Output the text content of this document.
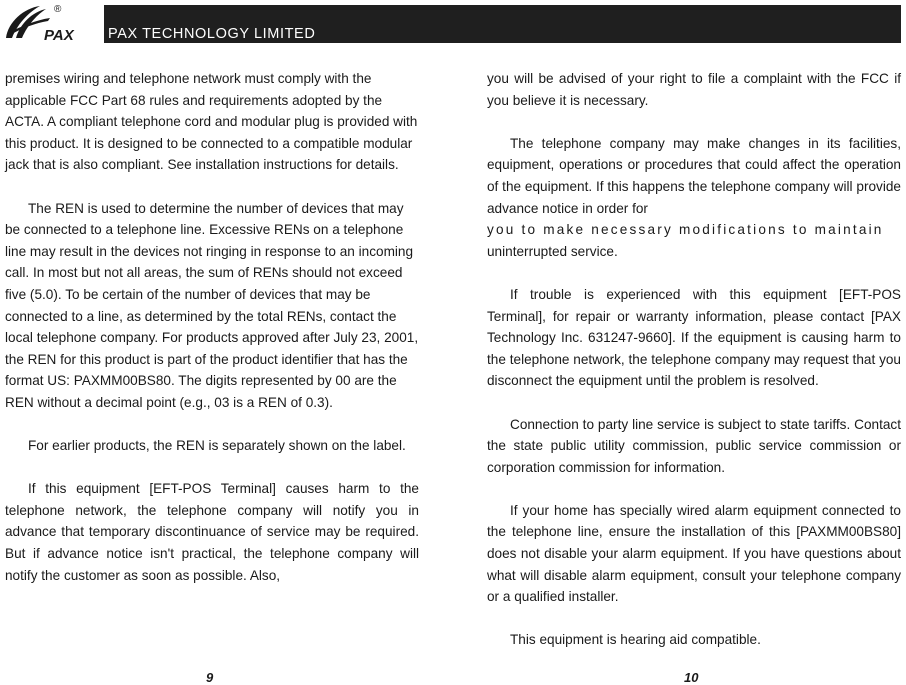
®
PAX PAX TECHNOLOGY LIMITED

premises wiring and telephone network must comply with the applicable FCC Part 68 rules and requirements adopted by the ACTA. A compliant telephone cord and modular plug is provided with this product. It is designed to be connected to a compatible modular jack that is also compliant. See installation instructions for details.

The REN is used to determine the number of devices that may be connected to a telephone line. Excessive RENs on a telephone line may result in the devices not ringing in response to an incoming call. In most but not all areas, the sum of RENs should not exceed five (5.0). To be certain of the number of devices that may be connected to a line, as determined by the total RENs, contact the local telephone company. For products approved after July 23, 2001, the REN for this product is part of the product identifier that has the format US: PAXMM00BS80. The digits represented by 00 are the REN without a decimal point (e.g., 03 is a REN of 0.3).

For earlier products, the REN is separately shown on the label.

If this equipment [EFT-POS Terminal] causes harm to the telephone network, the telephone company will notify you in advance that temporary discontinuance of service may be required. But if advance notice isn't practical, the telephone company will notify the customer as soon as possible. Also,

you will be advised of your right to file a complaint with the FCC if you believe it is necessary.

The telephone company may make changes in its facilities, equipment, operations or procedures that could affect the operation of the equipment. If this happens the telephone company will provide advance notice in order for
you to make necessary modifications to maintain
uninterrupted service.

If trouble is experienced with this equipment [EFT-POS Terminal], for repair or warranty information, please contact [PAX Technology Inc. 631247-9660]. If the equipment is causing harm to the telephone network, the telephone company may request that you disconnect the equipment until the problem is resolved.

Connection to party line service is subject to state tariffs. Contact the state public utility commission, public service commission or corporation commission for information.

If your home has specially wired alarm equipment connected to the telephone line, ensure the installation of this [PAXMM00BS80] does not disable your alarm equipment. If you have questions about what will disable alarm equipment, consult your telephone company or a qualified installer.

This equipment is hearing aid compatible.

9	10
